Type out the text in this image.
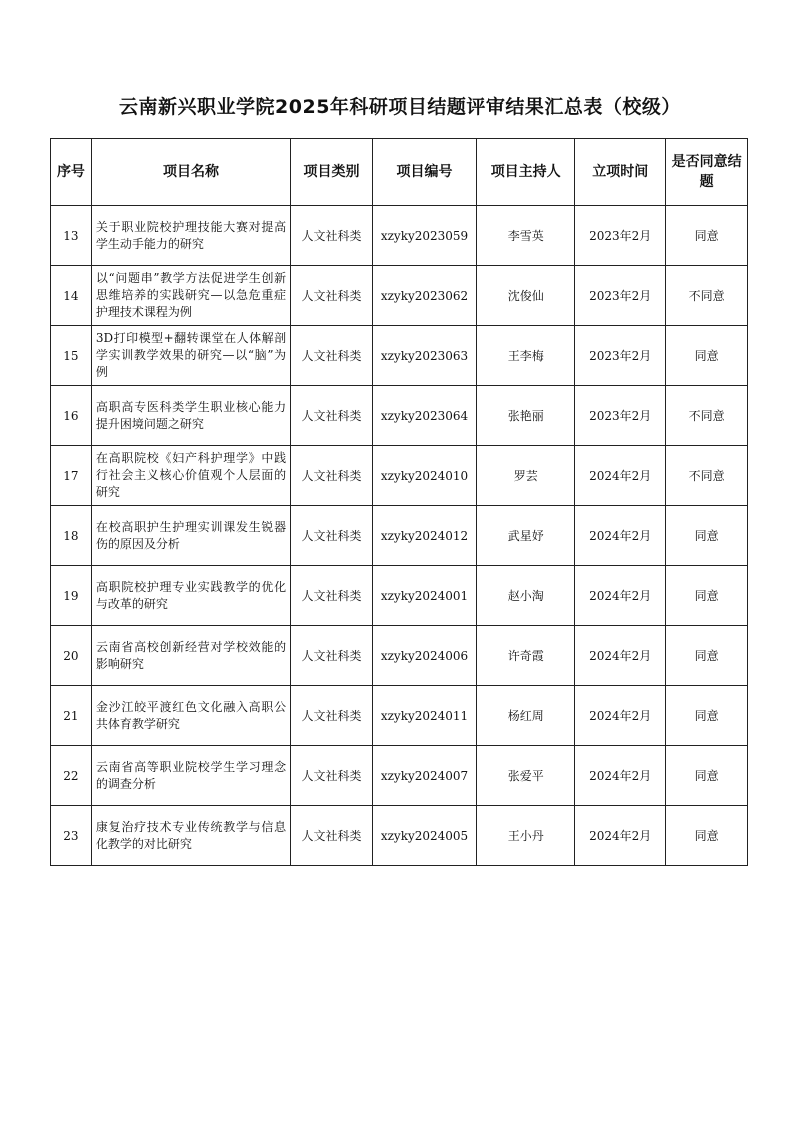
云南新兴职业学院2025年科研项目结题评审结果汇总表（校级）
序号	项目名称	项目类别	项目编号	项目主持人	立项时间	是否同意结题
13	关于职业院校护理技能大赛对提高学生动手能力的研究	人文社科类	xzyky2023059	李雪英	2023年2月	同意
14	以“问题串”教学方法促进学生创新思维培养的实践研究—以急危重症护理技术课程为例	人文社科类	xzyky2023062	沈俊仙	2023年2月	不同意
15	3D打印模型+翻转课堂在人体解剖学实训教学效果的研究—以“脑”为例	人文社科类	xzyky2023063	王李梅	2023年2月	同意
16	高职高专医科类学生职业核心能力提升困境问题之研究	人文社科类	xzyky2023064	张艳丽	2023年2月	不同意
17	在高职院校《妇产科护理学》中践行社会主义核心价值观个人层面的研究	人文社科类	xzyky2024010	罗芸	2024年2月	不同意
18	在校高职护生护理实训课发生锐器伤的原因及分析	人文社科类	xzyky2024012	武星妤	2024年2月	同意
19	高职院校护理专业实践教学的优化与改革的研究	人文社科类	xzyky2024001	赵小淘	2024年2月	同意
20	云南省高校创新经营对学校效能的影响研究	人文社科类	xzyky2024006	许奇霞	2024年2月	同意
21	金沙江皎平渡红色文化融入高职公共体育教学研究	人文社科类	xzyky2024011	杨红周	2024年2月	同意
22	云南省高等职业院校学生学习理念的调查分析	人文社科类	xzyky2024007	张爱平	2024年2月	同意
23	康复治疗技术专业传统教学与信息化教学的对比研究	人文社科类	xzyky2024005	王小丹	2024年2月	同意
